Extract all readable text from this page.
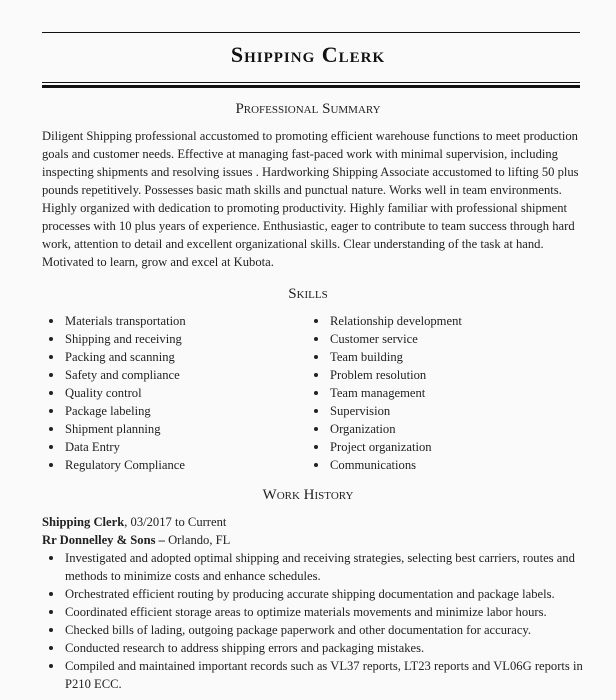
Shipping Clerk
Professional Summary
Diligent Shipping professional accustomed to promoting efficient warehouse functions to meet production goals and customer needs. Effective at managing fast-paced work with minimal supervision, including inspecting shipments and resolving issues . Hardworking Shipping Associate accustomed to lifting 50 plus pounds repetitively. Possesses basic math skills and punctual nature. Works well in team environments. Highly organized with dedication to promoting productivity. Highly familiar with professional shipment processes with 10 plus years of experience. Enthusiastic, eager to contribute to team success through hard work, attention to detail and excellent organizational skills. Clear understanding of the task at hand. Motivated to learn, grow and excel at Kubota.
Skills
Materials transportation
Shipping and receiving
Packing and scanning
Safety and compliance
Quality control
Package labeling
Shipment planning
Data Entry
Regulatory Compliance
Relationship development
Customer service
Team building
Problem resolution
Team management
Supervision
Organization
Project organization
Communications
Work History
Shipping Clerk, 03/2017 to Current
Rr Donnelley & Sons – Orlando, FL
Investigated and adopted optimal shipping and receiving strategies, selecting best carriers, routes and methods to minimize costs and enhance schedules.
Orchestrated efficient routing by producing accurate shipping documentation and package labels.
Coordinated efficient storage areas to optimize materials movements and minimize labor hours.
Checked bills of lading, outgoing package paperwork and other documentation for accuracy.
Conducted research to address shipping errors and packaging mistakes.
Compiled and maintained important records such as VL37 reports, LT23 reports and VL06G reports in P210 ECC.
